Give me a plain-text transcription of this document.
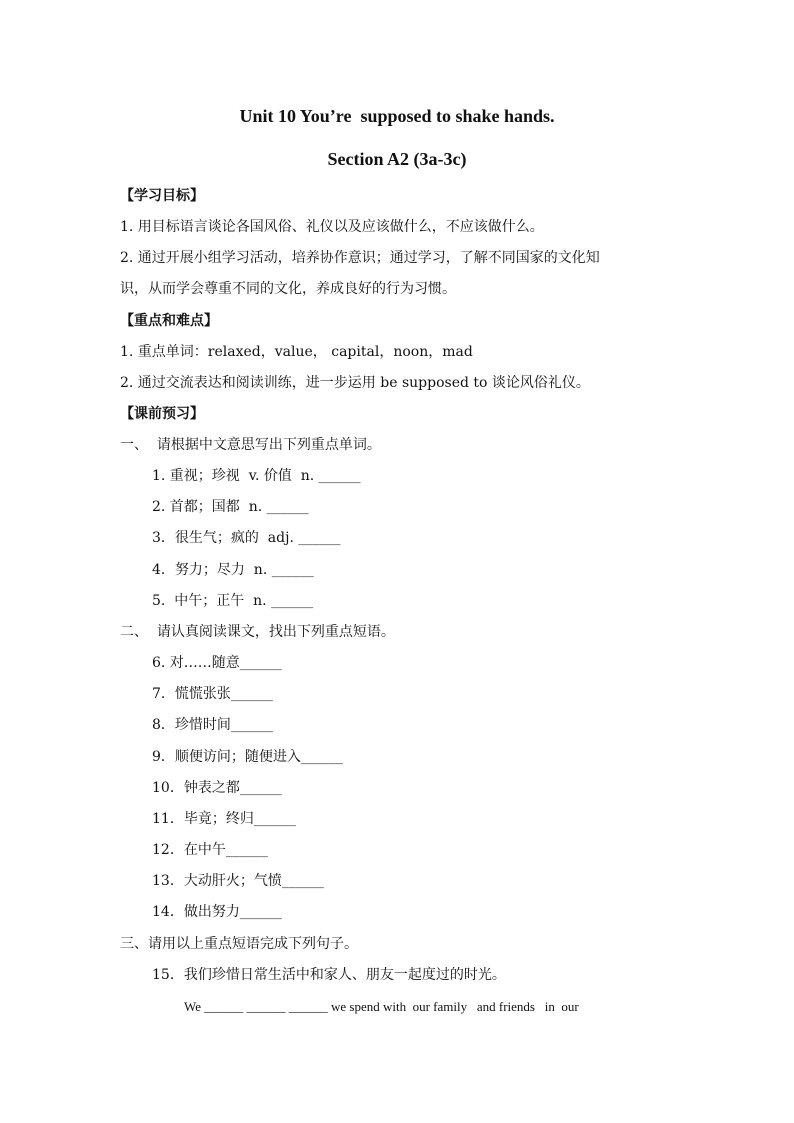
Unit 10 You’re  supposed to shake hands.
Section A2 (3a-3c)
【学习目标】
1. 用目标语言谈论各国风俗、礼仪以及应该做什么，不应该做什么。
2. 通过开展小组学习活动，培养协作意识；通过学习，了解不同国家的文化知
识，从而学会尊重不同的文化，养成良好的行为习惯。
【重点和难点】
1. 重点单词：relaxed，value， capital，noon，mad
2. 通过交流表达和阅读训练，进一步运用 be supposed to 谈论风俗礼仪。
【课前预习】
一、  请根据中文意思写出下列重点单词。
1. 重视；珍视  v. 价值  n. ______
2. 首都；国都  n. ______
3．很生气；疯的  adj. ______
4．努力；尽力  n. ______
5.  中午；正午  n. ______
二、  请认真阅读课文，找出下列重点短语。
6. 对……随意______
7．慌慌张张______
8．珍惜时间______
9．顺便访问；随便进入______
10．钟表之都______
11．毕竟；终归______
12．在中午______
13．大动肝火；气愤______
14．做出努力______
三、请用以上重点短语完成下列句子。
15．我们珍惜日常生活中和家人、朋友一起度过的时光。
We ______ ______ ______ we spend with  our family   and friends   in  our
